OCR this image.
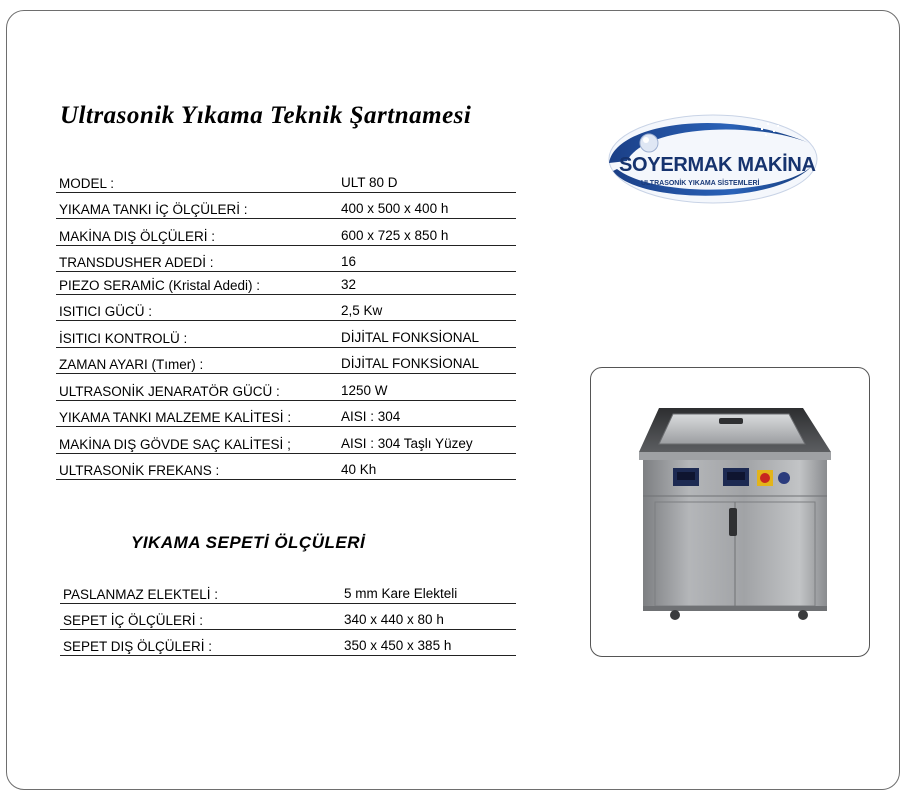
Ultrasonik Yıkama Teknik Şartnamesi
MODEL :	ULT 80 D
YIKAMA TANKI İÇ ÖLÇÜLERİ :	400 x 500 x 400 h
MAKİNA DIŞ ÖLÇÜLERİ :	600 x 725 x 850 h
TRANSDUSHER ADEDİ :	16
PIEZO SERAMİC (Kristal Adedi) :	32
ISITICI GÜCÜ :	2,5 Kw
İSITICI KONTROLÜ :	DİJİTAL FONKSİONAL
ZAMAN AYARI (Tımer) :	DİJİTAL FONKSİONAL
ULTRASONİK JENARATÖR GÜCÜ :	1250 W
YIKAMA TANKI MALZEME KALİTESİ :	AISI : 304
MAKİNA DIŞ GÖVDE SAÇ KALİTESİ ;	AISI : 304 Taşlı Yüzey
ULTRASONİK FREKANS :	40 Kh
YIKAMA SEPETİ ÖLÇÜLERİ
PASLANMAZ ELEKTELİ :	5 mm Kare Elekteli
SEPET İÇ ÖLÇÜLERİ :	340 x 440 x 80 h
SEPET DIŞ ÖLÇÜLERİ :	350 x 450 x 385 h
SOYERMAK MAKİNA
ULTRASONİK YIKAMA SİSTEMLERİ
